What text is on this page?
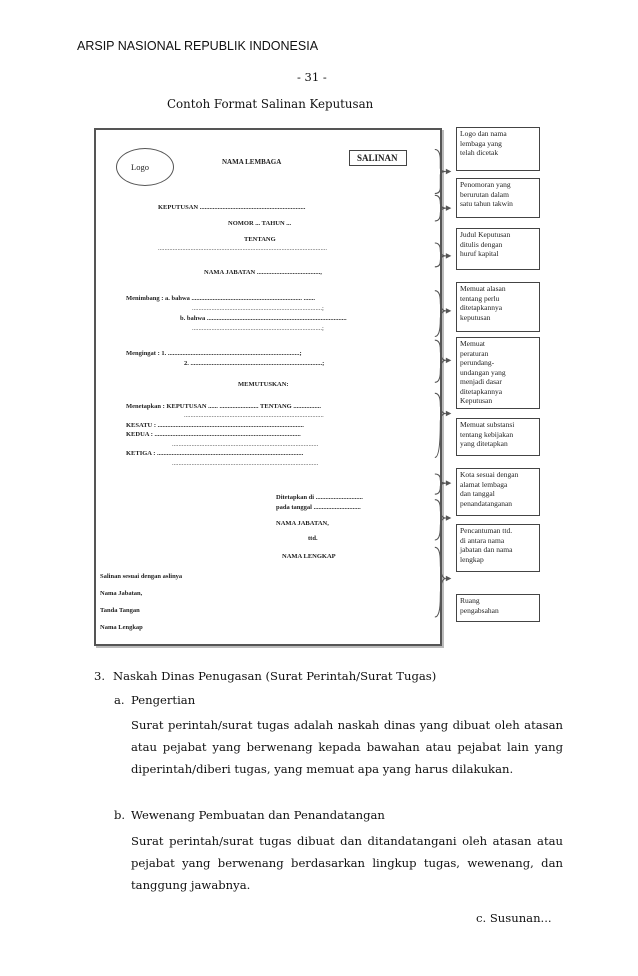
ARSIP NASIONAL REPUBLIK INDONESIA
- 31 -
Contoh Format Salinan Keputusan
Logo	NAMA LEMBAGA	SALINAN
KEPUTUSAN .................................................................
NOMOR ... TAHUN ...
TENTANG
........................................................................................................
NAMA JABATAN .......................................,
Menimbang : a. bahwa .................................................................... .......
................................................................................;
b. bahwa ......................................................................................
................................................................................;
Mengingat : 1. .................................................................................;
2. .................................................................................;
MEMUTUSKAN:
Menetapkan : KEPUTUSAN ...... ........................ TENTANG .................
......................................................................................
KESATU : ..........................................................................................
KEDUA : ..........................................................................................
..........................................................................................
KETIGA : ..........................................................................................
..........................................................................................
Ditetapkan di .............................
pada tanggal .............................
NAMA JABATAN,
ttd.
NAMA LENGKAP
Salinan sesuai dengan aslinya
Nama Jabatan,
Tanda Tangan
Nama Lengkap
Logo dan nama
lembaga yang
telah dicetak
Penomoran yang
berurutan dalam
satu tahun takwin
Judul Keputusan
ditulis dengan
huruf kapital
Memuat alasan
tentang perlu
ditetapkannya
keputusan
Memuat
peraturan
perundang-
undangan yang
menjadi dasar
ditetapkannya
Keputusan
Memuat substansi
tentang kebijakan
yang ditetapkan
Kota sesuai dengan
alamat lembaga
dan tanggal
penandatanganan
Pencantuman ttd.
di antara nama
jabatan dan nama
lengkap
Ruang
pengabsahan
3. Naskah Dinas Penugasan (Surat Perintah/Surat Tugas)
a. Pengertian
Surat perintah/surat tugas adalah naskah dinas yang dibuat oleh atasan atau pejabat yang berwenang kepada bawahan atau pejabat lain yang diperintah/diberi tugas, yang memuat apa yang harus dilakukan.
b. Wewenang Pembuatan dan Penandatangan
Surat perintah/surat tugas dibuat dan ditandatangani oleh atasan atau pejabat yang berwenang berdasarkan lingkup tugas, wewenang, dan tanggung jawabnya.
c. Susunan...
